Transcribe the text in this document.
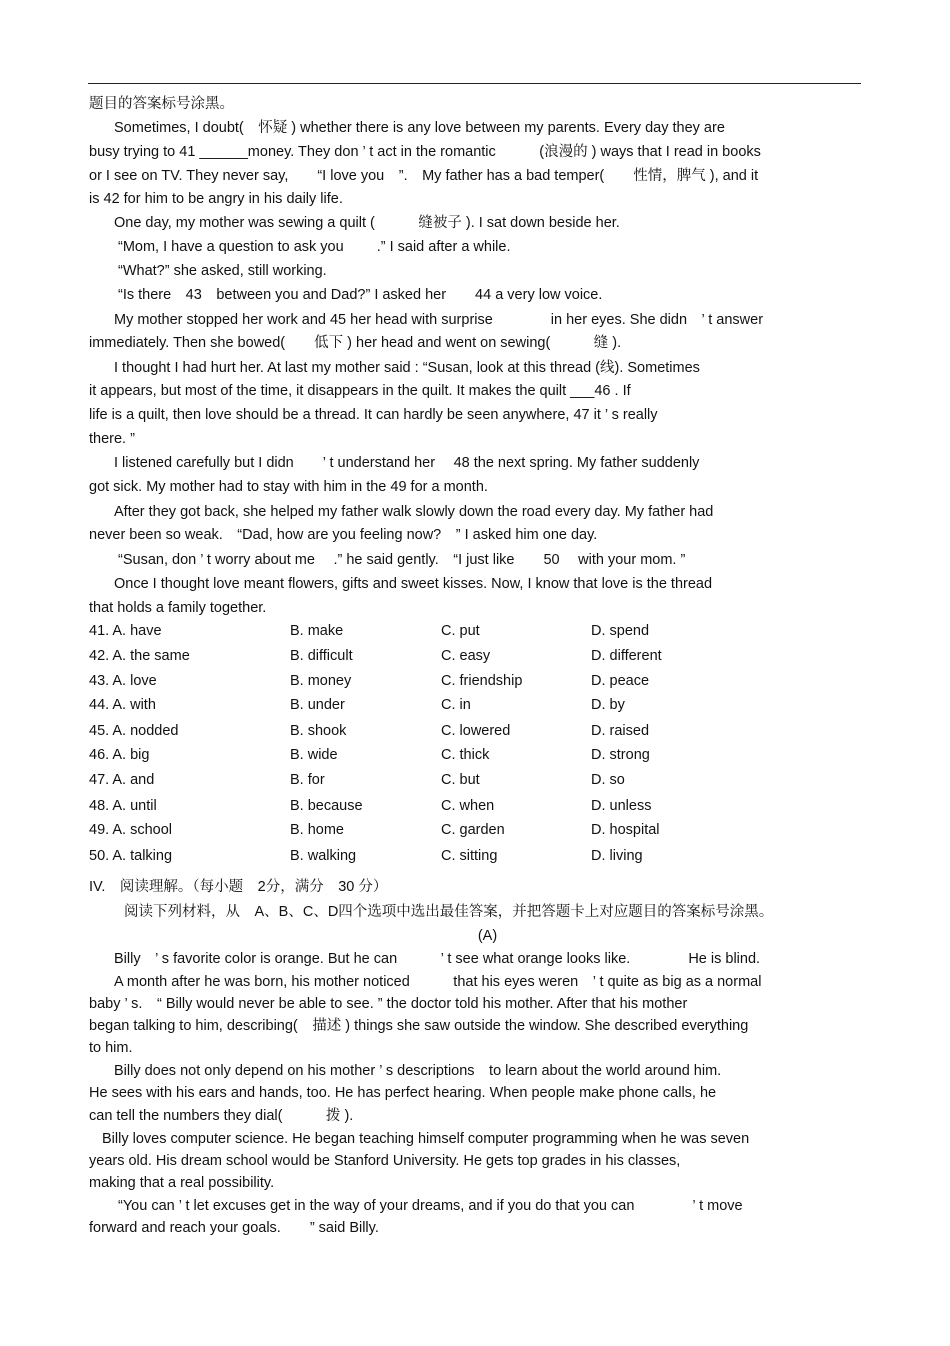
题目的答案标号涂黑。
Sometimes, I doubt(　怀疑 ) whether there is any love between my parents. Every day they are
busy trying to 41 ______money. They don ’ t act in the romantic　　　(浪漫的 ) ways that I read in books
or I see on TV. They never say,　　“I love you　”.　My father has a bad temper(　　性情，脾气 ), and it
is 42 for him to be angry in his daily life.
One day, my mother was sewing a quilt (　　　缝被子 ). I sat down beside her.
“Mom, I have a question to ask you　　 .” I said after a while.
“What?” she asked, still working.
“Is there　43　between you and Dad?” I asked her　　44 a very low voice.
My mother stopped her work and 45 her head with surprise　　　　in her eyes. She didn　’ t answer
immediately. Then she bowed(　　低下 ) her head and went on sewing(　　　缝 ).
I thought I had hurt her. At last my mother said : “Susan, look at this thread (线). Sometimes
it appears, but most of the time, it disappears in the quilt. It makes the quilt ___46 . If
life is a quilt, then love should be a thread. It can hardly be seen anywhere, 47 it ’ s really
there. ”
I listened carefully but I didn　　’ t understand her　 48 the next spring. My father suddenly
got sick. My mother had to stay with him in the 49 for a month.
After they got back, she helped my father walk slowly down the road every day. My father had
never been so weak.　“Dad, how are you feeling now?　” I asked him one day.
“Susan, don ’ t worry about me　 .” he said gently.　“I just like　　50　 with your mom. ”
Once I thought love meant flowers, gifts and sweet kisses. Now, I know that love is the thread
that holds a family together.
41. A. have	B. make	C. put	D. spend
42. A. the same	B. difficult	C. easy	D. different
43. A. love	B. money	C. friendship	D. peace
44. A. with	B. under	C. in	D. by
45. A. nodded	B. shook	C. lowered	D. raised
46. A. big	B. wide	C. thick	D. strong
47. A. and	B. for	C. but	D. so
48. A. until	B. because	C. when	D. unless
49. A. school	B. home	C. garden	D. hospital
50. A. talking	B. walking	C. sitting	D. living
IV.　阅读理解。（每小题　2分，满分　30 分）
阅读下列材料，从　A、B、C、D四个选项中选出最佳答案，并把答题卡上对应题目的答案标号涂黑。
(A)
Billy　’ s favorite color is orange. But he can　　　’ t see what orange looks like.　　　　He is blind.
A month after he was born, his mother noticed　　　that his eyes weren　’ t quite as big as a normal
baby ’ s.　“ Billy would never be able to see. ” the doctor told his mother. After that his mother
began talking to him, describing(　描述 ) things she saw outside the window. She described everything
to him.
Billy does not only depend on his mother ’ s descriptions　to learn about the world around him.
He sees with his ears and hands, too. He has perfect hearing. When people make phone calls, he
can tell the numbers they dial(　　　拨 ).
Billy loves computer science. He began teaching himself computer programming when he was seven
years old. His dream school would be Stanford University. He gets top grades in his classes,
making that a real possibility.
“You can ’ t let excuses get in the way of your dreams, and if you do that you can　　　　’ t move
forward and reach your goals.　　” said Billy.
